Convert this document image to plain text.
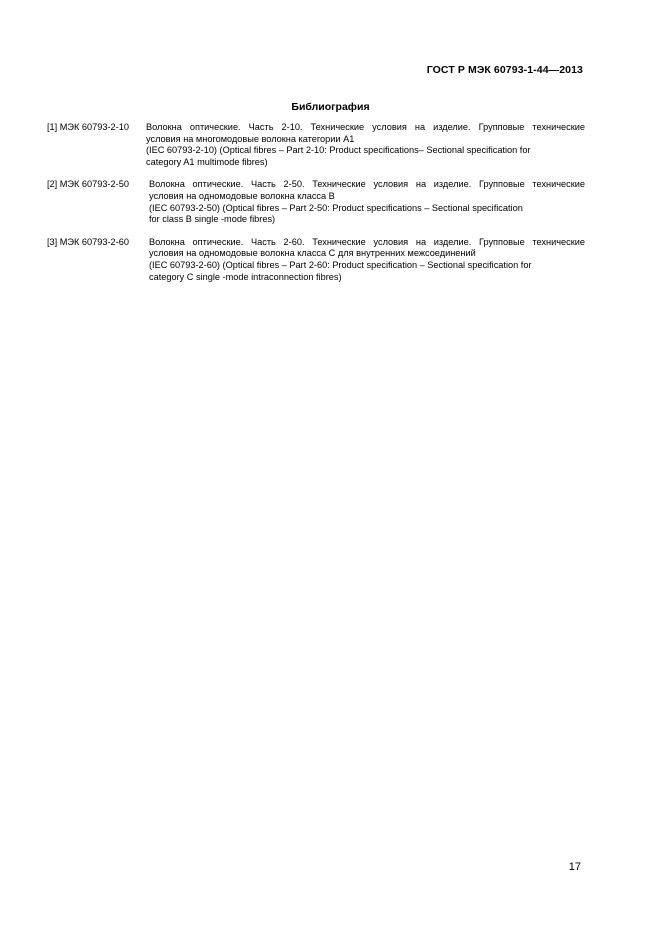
ГОСТ Р МЭК 60793-1-44—2013
Библиография
[1] МЭК 60793-2-10	Волокна оптические. Часть 2-10. Технические условия на изделие. Групповые технические
условия на многомодовые волокна категории А1
(IEC 60793-2-10) (Optical fibres – Part 2-10: Product specifications– Sectional specification for
category A1 multimode fibres)
[2] МЭК 60793-2-50	Волокна оптические. Часть 2-50. Технические условия на изделие. Групповые технические
условия на одномодовые волокна класса В
(IEC 60793-2-50) (Optical fibres – Part 2-50: Product specifications – Sectional specification
for class B single -mode fibres)
[3] МЭК 60793-2-60	Волокна оптические. Часть 2-60. Технические условия на изделие. Групповые технические
условия на одномодовые волокна класса С для внутренних межсоединений
(IEC 60793-2-60) (Optical fibres – Part 2-60: Product specification – Sectional specification for
category C single -mode intraconnection fibres)
17
